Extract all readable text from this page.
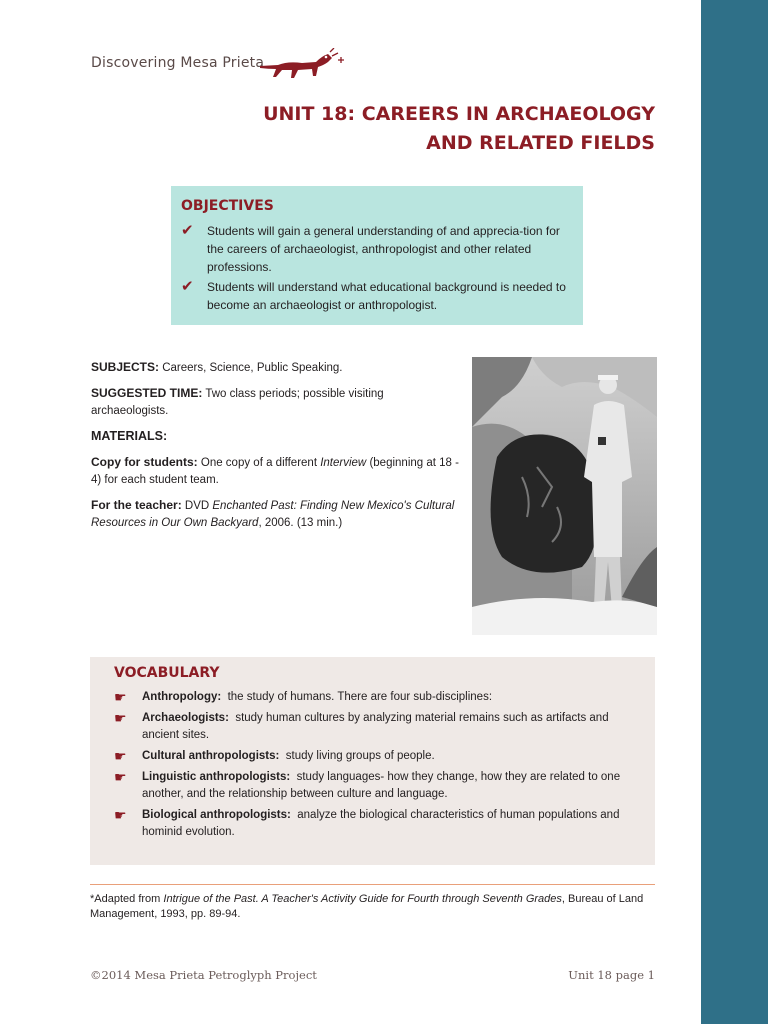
Discovering Mesa Prieta
UNIT 18: CAREERS IN ARCHAEOLOGY
AND RELATED FIELDS
OBJECTIVES
✔	Students will gain a general understanding of and apprecia-tion for the careers of archaeologist, anthropologist and other related professions.
✔	Students will understand what educational background is needed to become an archaeologist or anthropologist.

SUBJECTS: Careers, Science, Public Speaking.

SUGGESTED TIME: Two class periods; possible visiting archaeologists.

MATERIALS:

Copy for students: One copy of a different Interview (beginning at 18 - 4) for each student team.

For the teacher: DVD Enchanted Past: Finding New Mexico's Cultural Resources in Our Own Backyard, 2006. (13 min.)

VOCABULARY
☛	Anthropology: the study of humans. There are four sub-disciplines:
☛	Archaeologists: study human cultures by analyzing material remains such as artifacts and ancient sites.
☛	Cultural anthropologists: study living groups of people.
☛	Linguistic anthropologists: study languages- how they change, how they are related to one another, and the relationship between culture and language.
☛	Biological anthropologists: analyze the biological characteristics of human populations and hominid evolution.
*Adapted from Intrigue of the Past. A Teacher's Activity Guide for Fourth through Seventh Grades, Bureau of Land Management, 1993, pp. 89-94.
©2014 Mesa Prieta Petroglyph Project	Unit 18 page 1
